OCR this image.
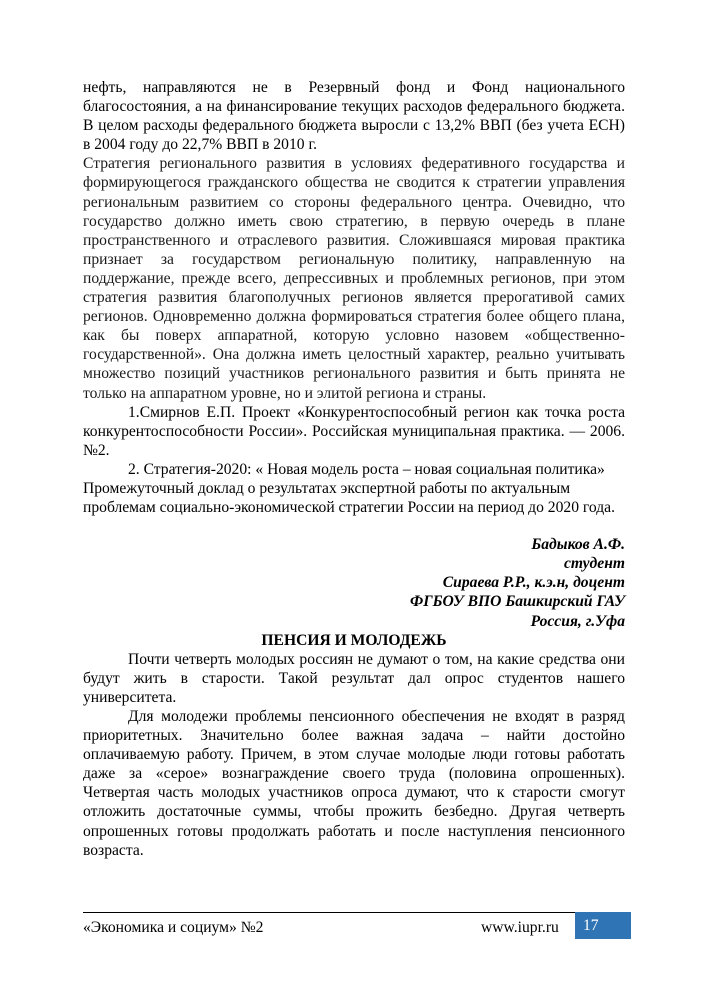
нефть, направляются не в Резервный фонд и Фонд национального благосостояния, а на финансирование текущих расходов федерального бюджета. В целом расходы федерального бюджета выросли с 13,2% ВВП (без учета ЕСН) в 2004 году до 22,7% ВВП в 2010 г.

Стратегия регионального развития в условиях федеративного государства и формирующегося гражданского общества не сводится к стратегии управления региональным развитием со стороны федерального центра. Очевидно, что государство должно иметь свою стратегию, в первую очередь в плане пространственного и отраслевого развития. Сложившаяся мировая практика признает за государством региональную политику, направленную на поддержание, прежде всего, депрессивных и проблемных регионов, при этом стратегия развития благополучных регионов является прерогативой самих регионов. Одновременно должна формироваться стратегия более общего плана, как бы поверх аппаратной, которую условно назовем «общественно-государственной». Она должна иметь целостный характер, реально учитывать множество позиций участников регионального развития и быть принята не только на аппаратном уровне, но и элитой региона и страны.

1.Смирнов Е.П. Проект «Конкурентоспособный регион как точка роста конкурентоспособности России». Российская муниципальная практика. — 2006. №2.

2. Стратегия-2020: « Новая модель роста – новая социальная политика» Промежуточный доклад о результатах экспертной работы по актуальным проблемам социально-экономической стратегии России на период до 2020 года.

Бадыков А.Ф.
студент
Сираева Р.Р., к.э.н, доцент
ФГБОУ ВПО Башкирский ГАУ
Россия, г.Уфа
ПЕНСИЯ И МОЛОДЕЖЬ

Почти четверть молодых россиян не думают о том, на какие средства они будут жить в старости. Такой результат дал опрос студентов нашего университета.

Для молодежи проблемы пенсионного обеспечения не входят в разряд приоритетных. Значительно более важная задача – найти достойно оплачиваемую работу. Причем, в этом случае молодые люди готовы работать даже за «серое» вознаграждение своего труда (половина опрошенных). Четвертая часть молодых участников опроса думают, что к старости смогут отложить достаточные суммы, чтобы прожить безбедно. Другая четверть опрошенных готовы продолжать работать и после наступления пенсионного возраста.

«Экономика и социум» №2	www.iupr.ru	17
